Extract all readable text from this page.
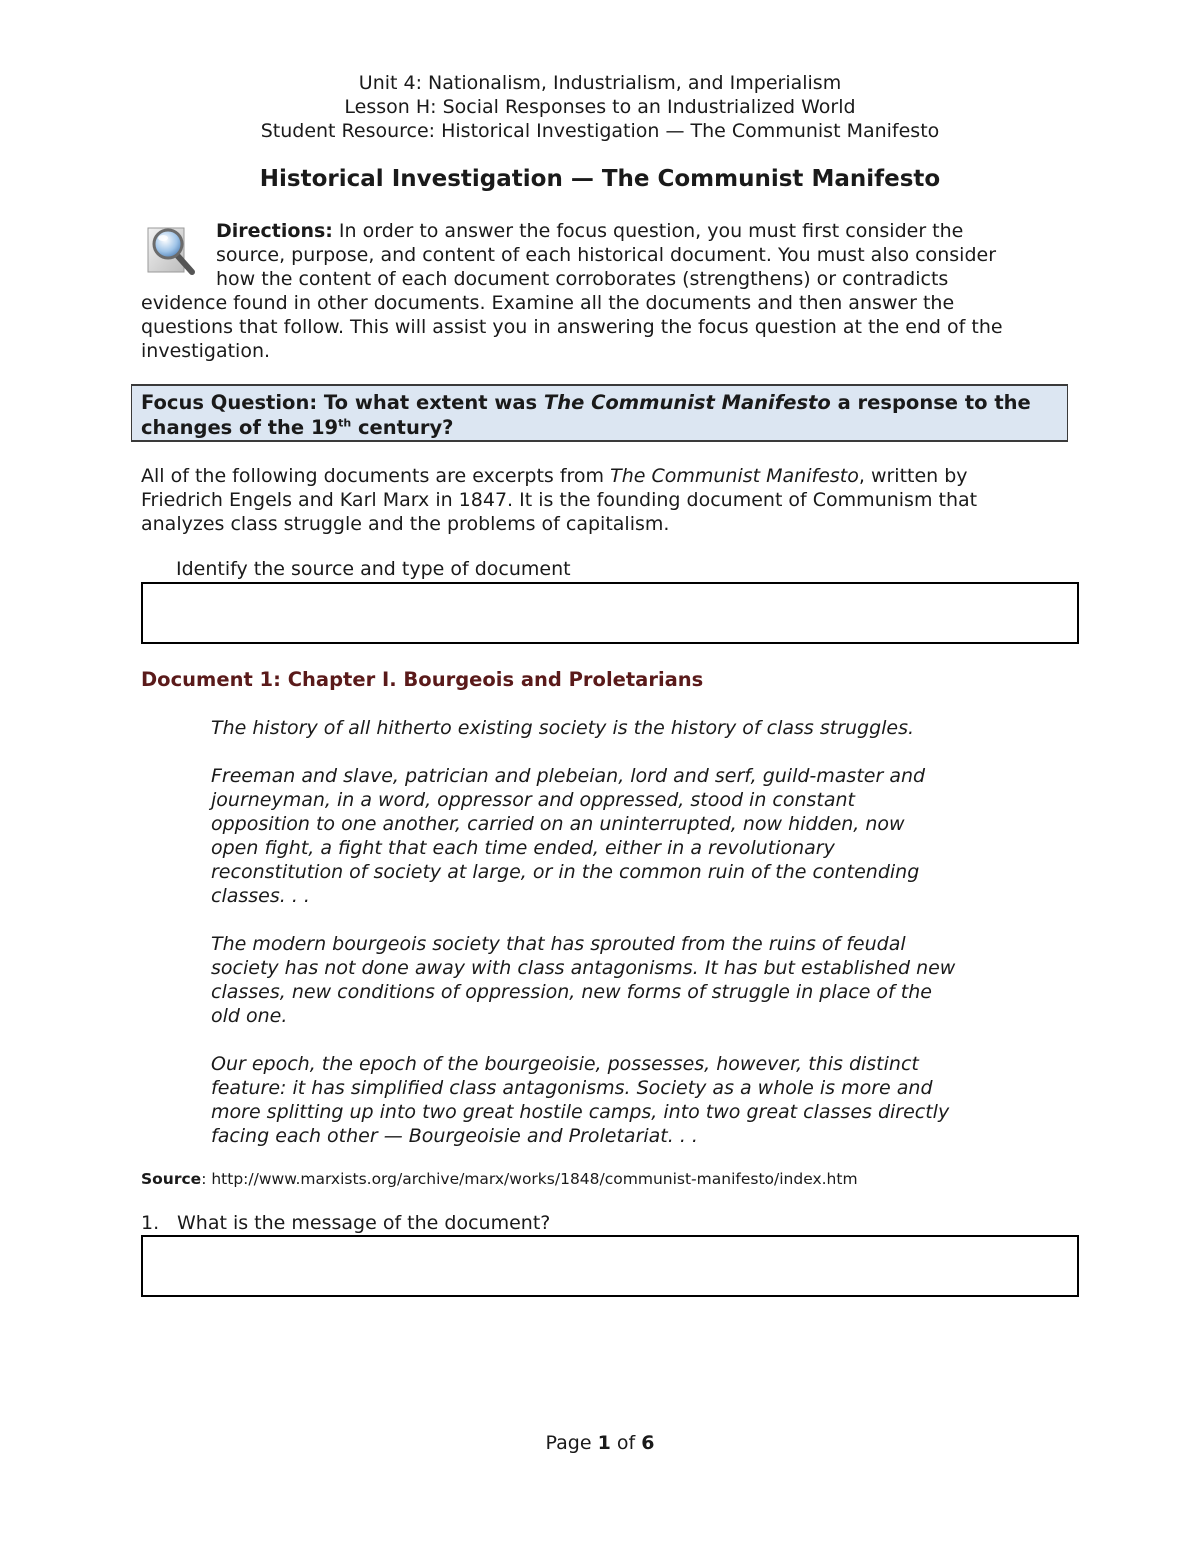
Unit 4: Nationalism, Industrialism, and Imperialism
Lesson H: Social Responses to an Industrialized World
Student Resource: Historical Investigation — The Communist Manifesto
Historical Investigation — The Communist Manifesto
Directions: In order to answer the focus question, you must first consider the
source, purpose, and content of each historical document. You must also consider
how the content of each document corroborates (strengthens) or contradicts
evidence found in other documents. Examine all the documents and then answer the
questions that follow. This will assist you in answering the focus question at the end of the
investigation.
Focus Question: To what extent was The Communist Manifesto a response to the
changes of the 19th century?
All of the following documents are excerpts from The Communist Manifesto, written by
Friedrich Engels and Karl Marx in 1847. It is the founding document of Communism that
analyzes class struggle and the problems of capitalism.
Identify the source and type of document
Document 1: Chapter I. Bourgeois and Proletarians

The history of all hitherto existing society is the history of class struggles.

Freeman and slave, patrician and plebeian, lord and serf, guild-master and
journeyman, in a word, oppressor and oppressed, stood in constant
opposition to one another, carried on an uninterrupted, now hidden, now
open fight, a fight that each time ended, either in a revolutionary
reconstitution of society at large, or in the common ruin of the contending
classes. . .

The modern bourgeois society that has sprouted from the ruins of feudal
society has not done away with class antagonisms. It has but established new
classes, new conditions of oppression, new forms of struggle in place of the
old one.

Our epoch, the epoch of the bourgeoisie, possesses, however, this distinct
feature: it has simplified class antagonisms. Society as a whole is more and
more splitting up into two great hostile camps, into two great classes directly
facing each other — Bourgeoisie and Proletariat. . .

Source: http://www.marxists.org/archive/marx/works/1848/communist-manifesto/index.htm
1. What is the message of the document?
Page 1 of 6
